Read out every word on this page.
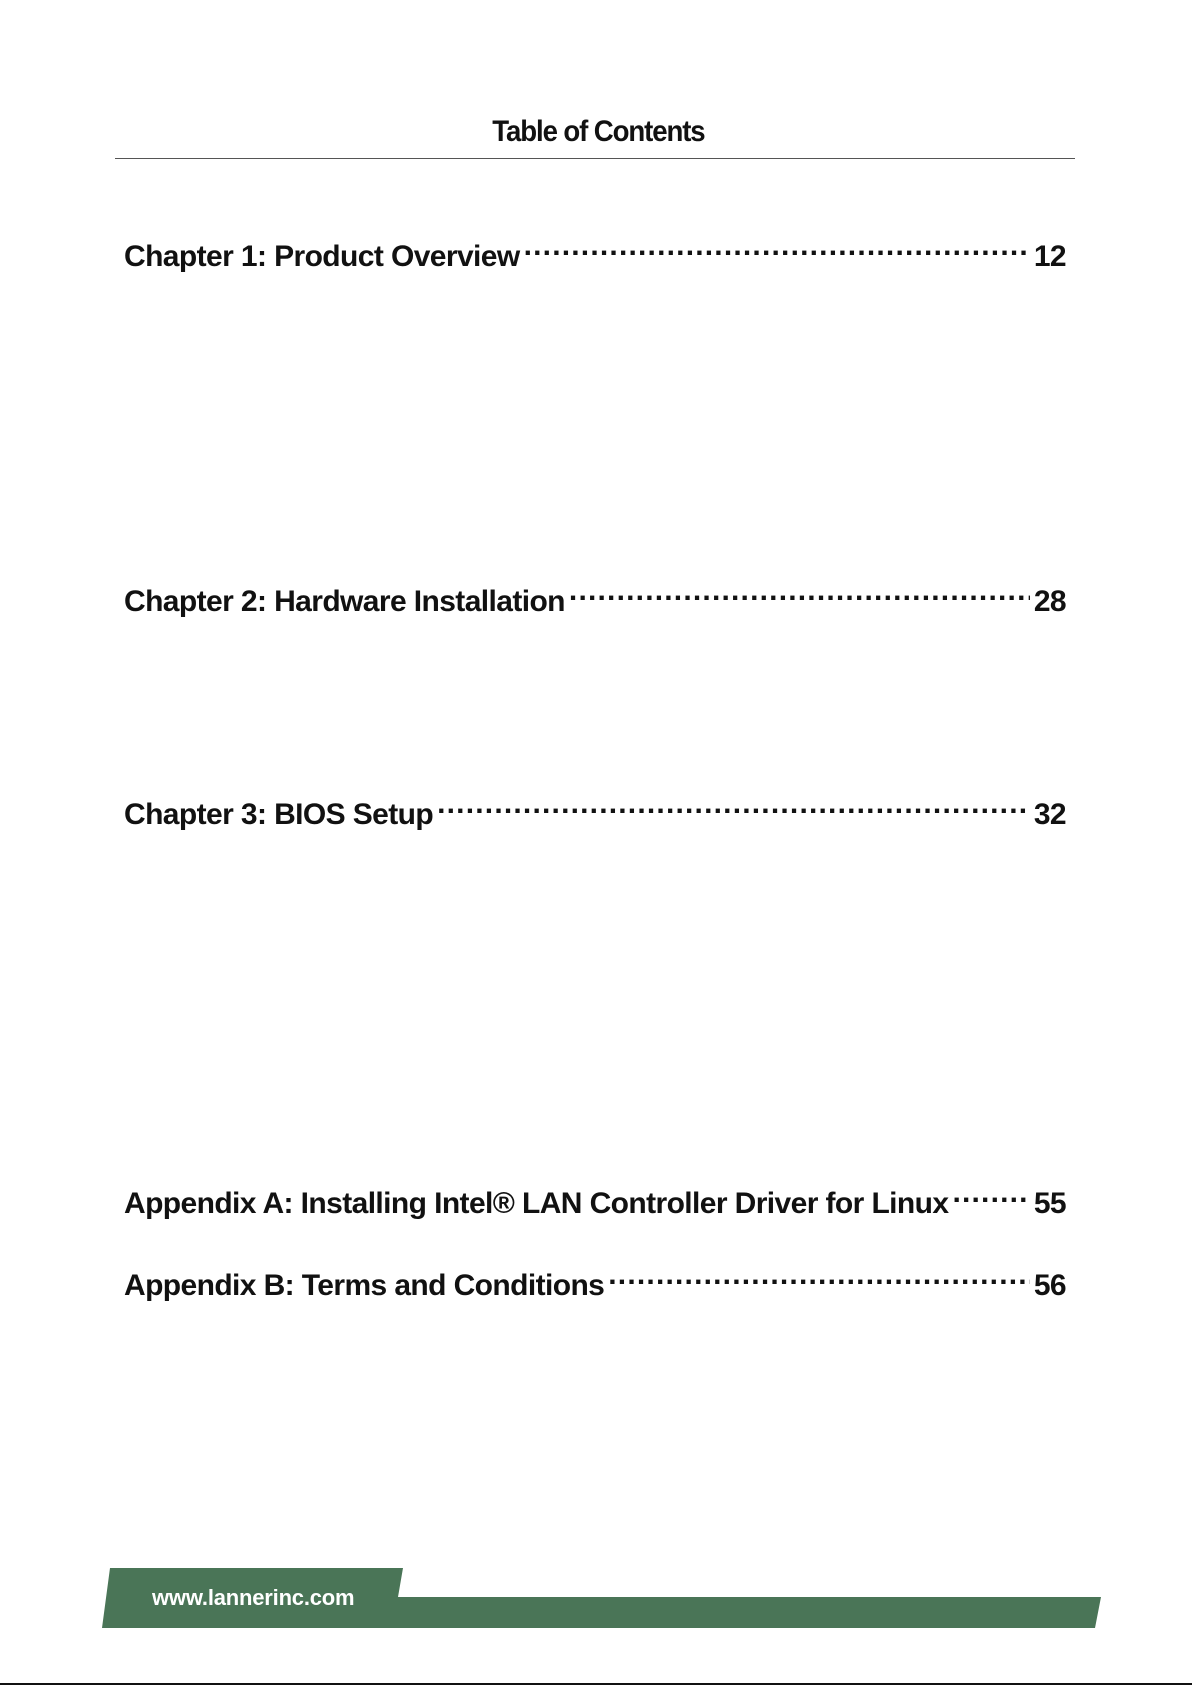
Table of Contents
Chapter 1: Product Overview .....	12
Chapter 2: Hardware Installation .....	28
Chapter 3: BIOS Setup .....	32
Appendix A: Installing Intel® LAN Controller Driver for Linux .....	55
Appendix B: Terms and Conditions .....	56
www.lannerinc.com
